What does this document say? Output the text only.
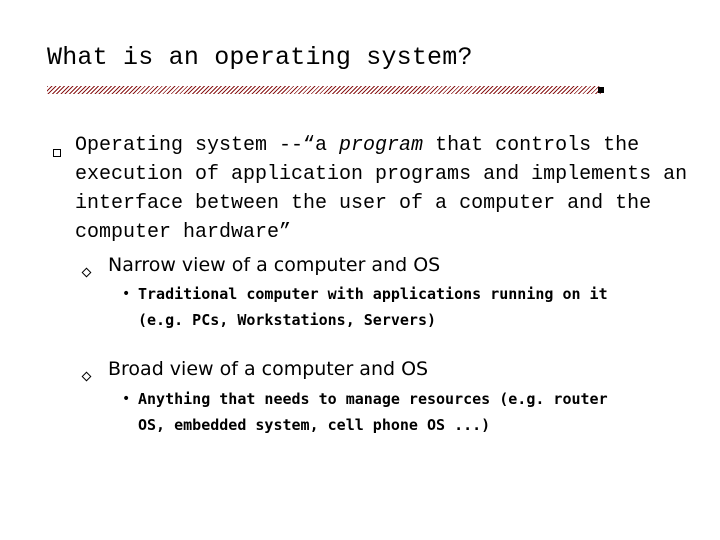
What is an operating system?

Operating system --“a program that controls the execution of application programs and implements an interface between the user of a computer and the computer hardware”

Narrow view of a computer and OS

• Traditional computer with applications running on it (e.g. PCs, Workstations, Servers)

Broad view of a computer and OS

• Anything that needs to manage resources (e.g. router OS, embedded system, cell phone OS ...)
